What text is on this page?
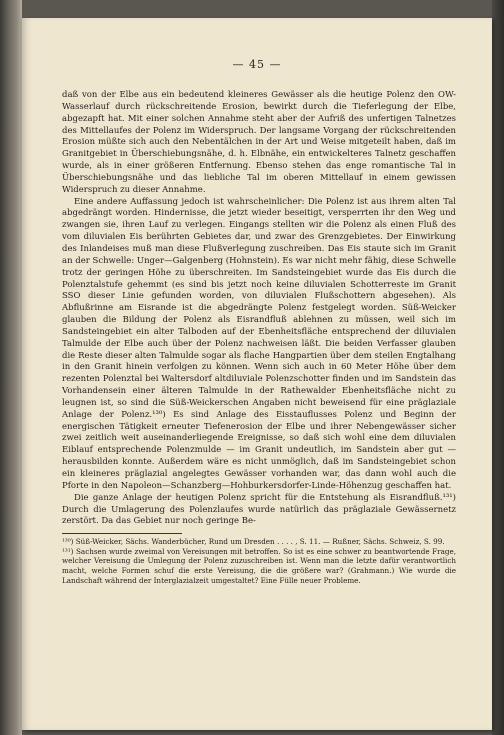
— 45 —

daß von der Elbe aus ein bedeutend kleineres Gewässer als die heutige Polenz den OW-Wasserlauf durch rückschreitende Erosion, bewirkt durch die Tieferlegung der Elbe, abgezapft hat. Mit einer solchen Annahme steht aber der Aufriß des unfertigen Talnetzes des Mittellaufes der Polenz im Widerspruch. Der langsame Vorgang der rückschreitenden Erosion müßte sich auch den Nebentälchen in der Art und Weise mitgeteilt haben, daß im Granitgebiet in Überschiebungsnähe, d. h. Elbnähe, ein entwickelteres Talnetz geschaffen wurde, als in einer größeren Entfernung. Ebenso stehen das enge romantische Tal in Überschiebungsnähe und das liebliche Tal im oberen Mittellauf in einem gewissen Widerspruch zu dieser Annahme.

Eine andere Auffassung jedoch ist wahrscheinlicher: Die Polenz ist aus ihrem alten Tal abgedrängt worden. Hindernisse, die jetzt wieder beseitigt, versperrten ihr den Weg und zwangen sie, ihren Lauf zu verlegen. Eingangs stellten wir die Polenz als einen Fluß des vom diluvialen Eis berührten Gebietes dar, und zwar des Grenzgebietes. Der Einwirkung des Inlandeises muß man diese Flußverlegung zuschreiben. Das Eis staute sich im Granit an der Schwelle: Unger—Galgenberg (Hohnstein). Es war nicht mehr fähig, diese Schwelle trotz der geringen Höhe zu überschreiten. Im Sandsteingebiet wurde das Eis durch die Polenztalstufe gehemmt (es sind bis jetzt noch keine diluvialen Schotterreste im Granit SSO dieser Linie gefunden worden, von diluvialen Flußschottern abgesehen). Als Abflußrinne am Eisrande ist die abgedrängte Polenz festgelegt worden. Süß-Weicker glauben die Bildung der Polenz als Eisrandfluß ablehnen zu müssen, weil sich im Sandsteingebiet ein alter Talboden auf der Ebenheitsfläche entsprechend der diluvialen Talmulde der Elbe auch über der Polenz nachweisen läßt. Die beiden Verfasser glauben die Reste dieser alten Talmulde sogar als flache Hangpartien über dem steilen Engtalhang in den Granit hinein verfolgen zu können. Wenn sich auch in 60 Meter Höhe über dem rezenten Polenztal bei Waltersdorf altdiluviale Polenzschotter finden und im Sandstein das Vorhandensein einer älteren Talmulde in der Rathewalder Ebenheitsfläche nicht zu leugnen ist, so sind die Süß-Weickerschen Angaben nicht beweisend für eine präglaziale Anlage der Polenz.¹³⁰) Es sind Anlage des Eisstauflusses Polenz und Beginn der energischen Tätigkeit erneuter Tiefenerosion der Elbe und ihrer Nebengewässer sicher zwei zeitlich weit auseinanderliegende Ereignisse, so daß sich wohl eine dem diluvialen Eiblauf entsprechende Polenzmulde — im Granit undeutlich, im Sandstein aber gut — herausbilden konnte. Außerdem wäre es nicht unmöglich, daß im Sandsteingebiet schon ein kleineres präglazial angelegtes Gewässer vorhanden war, das dann wohl auch die Pforte in den Napoleon—Schanzberg—Hohburkersdorfer-Linde-Höhenzug geschaffen hat.

Die ganze Anlage der heutigen Polenz spricht für die Entstehung als Eisrandfluß.¹³¹) Durch die Umlagerung des Polenzlaufes wurde natürlich das präglaziale Gewässernetz zerstört. Da das Gebiet nur noch geringe Be-

¹³⁰) Süß-Weicker, Sächs. Wanderbücher, Rund um Dresden . . . . , S. 11. — Rußner, Sächs. Schweiz, S. 99.

¹³¹) Sachsen wurde zweimal von Vereisungen mit betroffen. So ist es eine schwer zu beantwortende Frage, welcher Vereisung die Umlegung der Polenz zuzuschreiben ist. Wenn man die letzte dafür verantwortlich macht, welche Formen schuf die erste Vereisung, die die größere war? (Grahmann.) Wie wurde die Landschaft während der Interglazialzeit umgestaltet? Eine Fülle neuer Probleme.
